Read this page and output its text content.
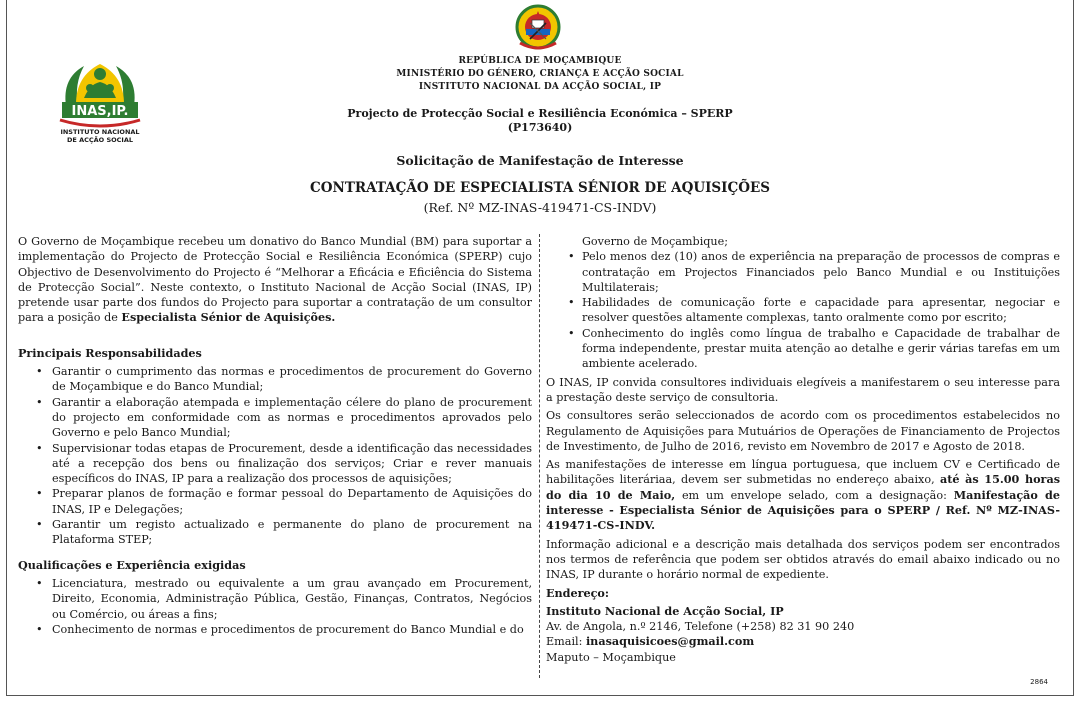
INAS,IP.
INSTITUTO NACIONAL
DE ACÇÃO SOCIAL
REPÚBLICA DE MOÇAMBIQUE
MINISTÉRIO DO GÉNERO, CRIANÇA E ACÇÃO SOCIAL
INSTITUTO NACIONAL DA ACÇÃO SOCIAL, IP
Projecto de Protecção Social e Resiliência Económica – SPERP
(P173640)
Solicitação de Manifestação de Interesse
CONTRATAÇÃO DE ESPECIALISTA SÉNIOR DE AQUISIÇÕES
(Ref. Nº MZ-INAS-419471-CS-INDV)

O Governo de Moçambique recebeu um donativo do Banco Mundial (BM) para suportar a implementação do Projecto de Protecção Social e Resiliência Económica (SPERP) cujo Objectivo de Desenvolvimento do Projecto é “Melhorar a Eficácia e Eficiência do Sistema de Protecção Social”. Neste contexto, o Instituto Nacional de Acção Social (INAS, IP) pretende usar parte dos fundos do Projecto para suportar a contratação de um consultor para a posição de Especialista Sénior de Aquisições.

Principais Responsabilidades

• Garantir o cumprimento das normas e procedimentos de procurement do Governo de Moçambique e do Banco Mundial;
• Garantir a elaboração atempada e implementação célere do plano de procurement do projecto em conformidade com as normas e procedimentos aprovados pelo Governo e pelo Banco Mundial;
• Supervisionar todas etapas de Procurement, desde a identificação das necessidades até a recepção dos bens ou finalização dos serviços; Criar e rever manuais específicos do INAS, IP para a realização dos processos de aquisições;
• Preparar planos de formação e formar pessoal do Departamento de Aquisições do INAS, IP e Delegações;
• Garantir um registo actualizado e permanente do plano de procurement na Plataforma STEP;

Qualificações e Experiência exigidas

• Licenciatura, mestrado ou equivalente a um grau avançado em Procurement, Direito, Economia, Administração Pública, Gestão, Finanças, Contratos, Negócios ou Comércio, ou áreas a fins;
• Conhecimento de normas e procedimentos de procurement do Banco Mundial e do

Governo de Moçambique;

• Pelo menos dez (10) anos de experiência na preparação de processos de compras e contratação em Projectos Financiados pelo Banco Mundial e ou Instituições Multilaterais;
• Habilidades de comunicação forte e capacidade para apresentar, negociar e resolver questões altamente complexas, tanto oralmente como por escrito;
• Conhecimento do inglês como língua de trabalho e Capacidade de trabalhar de forma independente, prestar muita atenção ao detalhe e gerir várias tarefas em um ambiente acelerado.

O INAS, IP convida consultores individuais elegíveis a manifestarem o seu interesse para a prestação deste serviço de consultoria.

Os consultores serão seleccionados de acordo com os procedimentos estabelecidos no Regulamento de Aquisições para Mutuários de Operações de Financiamento de Projectos de Investimento, de Julho de 2016, revisto em Novembro de 2017 e Agosto de 2018.

As manifestações de interesse em língua portuguesa, que incluem CV e Certificado de habilitações literáriaa, devem ser submetidas no endereço abaixo, até às 15.00 horas do dia 10 de Maio, em um envelope selado, com a designação: Manifestação de interesse - Especialista Sénior de Aquisições para o SPERP / Ref. Nº MZ-INAS-419471-CS-INDV.

Informação adicional e a descrição mais detalhada dos serviços podem ser encontrados nos termos de referência que podem ser obtidos através do email abaixo indicado ou no INAS, IP durante o horário normal de expediente.

Endereço:

Instituto Nacional de Acção Social, IP

Av. de Angola, n.º 2146, Telefone (+258) 82 31 90 240

Email: inasaquisicoes@gmail.com

Maputo – Moçambique

2864
